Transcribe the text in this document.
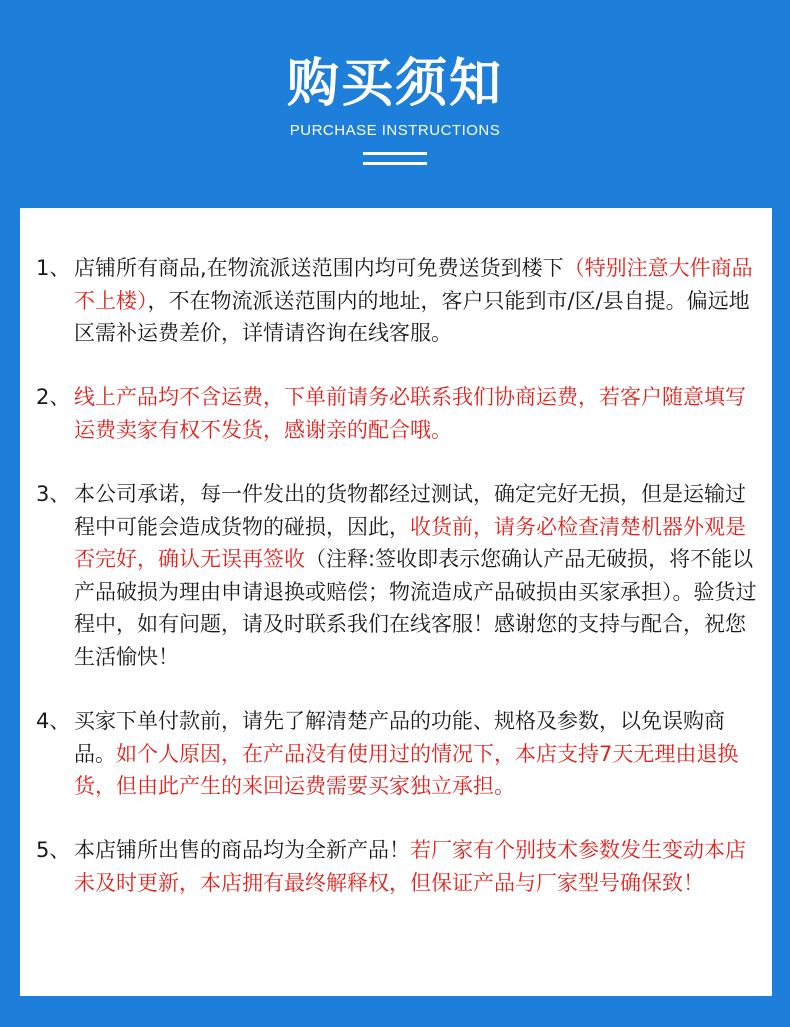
购买须知
PURCHASE INSTRUCTIONS
1、 店铺所有商品,在物流派送范围内均可免费送货到楼下（特别注意大件商品不上楼），不在物流派送范围内的地址，客户只能到市/区/县自提。偏远地区需补运费差价，详情请咨询在线客服。
2、 线上产品均不含运费，下单前请务必联系我们协商运费，若客户随意填写运费卖家有权不发货，感谢亲的配合哦。
3、 本公司承诺，每一件发出的货物都经过测试，确定完好无损，但是运输过程中可能会造成货物的碰损，因此，收货前，请务必检查清楚机器外观是否完好，确认无误再签收（注释:签收即表示您确认产品无破损，将不能以产品破损为理由申请退换或赔偿；物流造成产品破损由买家承担）。验货过程中，如有问题，请及时联系我们在线客服！感谢您的支持与配合，祝您生活愉快！
4、 买家下单付款前，请先了解清楚产品的功能、规格及参数，以免误购商品。如个人原因，在产品没有使用过的情况下，本店支持7天无理由退换货，但由此产生的来回运费需要买家独立承担。
5、 本店铺所出售的商品均为全新产品！若厂家有个别技术参数发生变动本店未及时更新，本店拥有最终解释权，但保证产品与厂家型号确保致！
